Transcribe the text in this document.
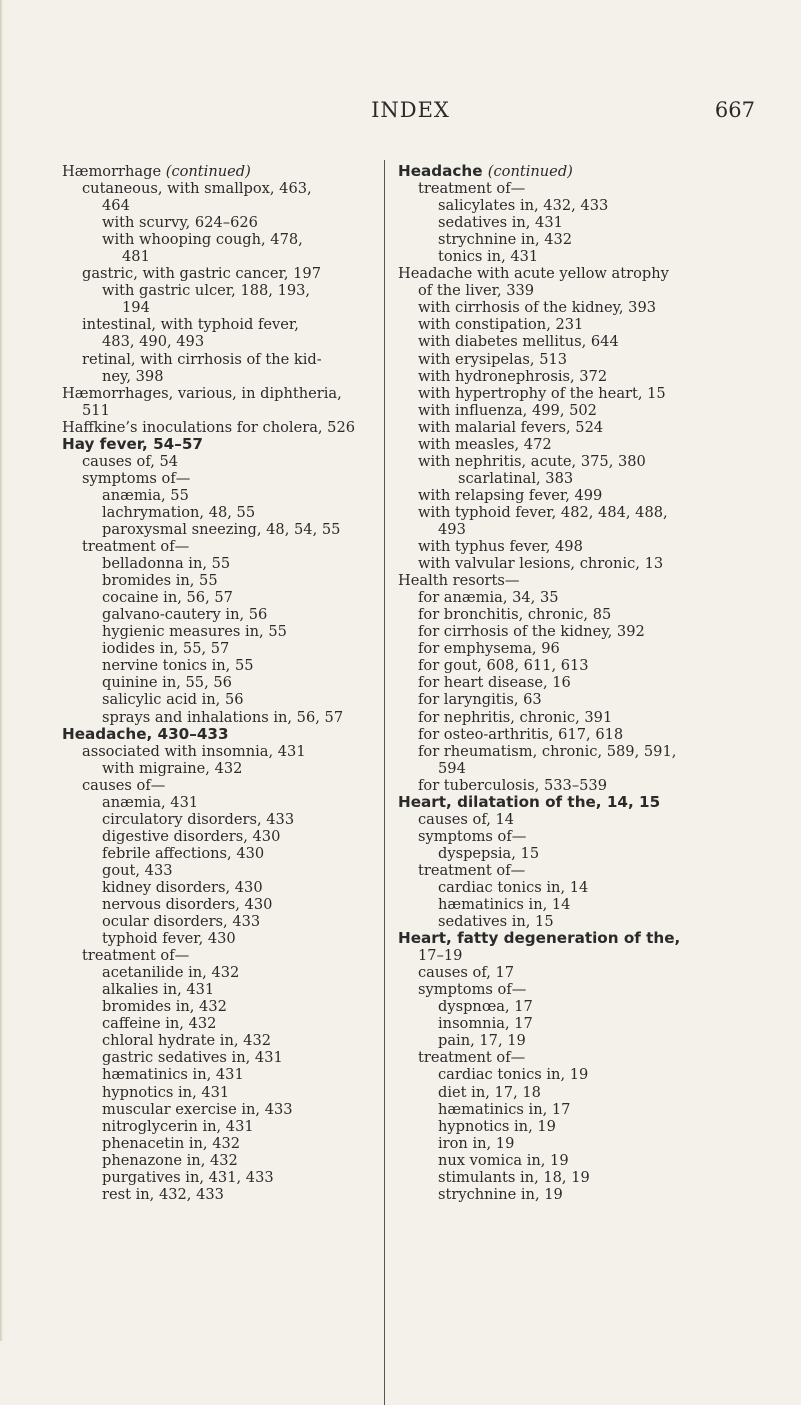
INDEX	667
Hæmorrhage (continued)
cutaneous, with smallpox, 463,
464
with scurvy, 624–626
with whooping cough, 478,
481
gastric, with gastric cancer, 197
with gastric ulcer, 188, 193,
194
intestinal, with typhoid fever,
483, 490, 493
retinal, with cirrhosis of the kid-
ney, 398
Hæmorrhages, various, in diphtheria,
511
Haffkine’s inoculations for cholera, 526
Hay fever, 54–57
causes of, 54
symptoms of—
anæmia, 55
lachrymation, 48, 55
paroxysmal sneezing, 48, 54, 55
treatment of—
belladonna in, 55
bromides in, 55
cocaine in, 56, 57
galvano-cautery in, 56
hygienic measures in, 55
iodides in, 55, 57
nervine tonics in, 55
quinine in, 55, 56
salicylic acid in, 56
sprays and inhalations in, 56, 57
Headache, 430–433
associated with insomnia, 431
with migraine, 432
causes of—
anæmia, 431
circulatory disorders, 433
digestive disorders, 430
febrile affections, 430
gout, 433
kidney disorders, 430
nervous disorders, 430
ocular disorders, 433
typhoid fever, 430
treatment of—
acetanilide in, 432
alkalies in, 431
bromides in, 432
caffeine in, 432
chloral hydrate in, 432
gastric sedatives in, 431
hæmatinics in, 431
hypnotics in, 431
muscular exercise in, 433
nitroglycerin in, 431
phenacetin in, 432
phenazone in, 432
purgatives in, 431, 433
rest in, 432, 433
Headache (continued)
treatment of—
salicylates in, 432, 433
sedatives in, 431
strychnine in, 432
tonics in, 431
Headache with acute yellow atrophy
of the liver, 339
with cirrhosis of the kidney, 393
with constipation, 231
with diabetes mellitus, 644
with erysipelas, 513
with hydronephrosis, 372
with hypertrophy of the heart, 15
with influenza, 499, 502
with malarial fevers, 524
with measles, 472
with nephritis, acute, 375, 380
scarlatinal, 383
with relapsing fever, 499
with typhoid fever, 482, 484, 488,
493
with typhus fever, 498
with valvular lesions, chronic, 13
Health resorts—
for anæmia, 34, 35
for bronchitis, chronic, 85
for cirrhosis of the kidney, 392
for emphysema, 96
for gout, 608, 611, 613
for heart disease, 16
for laryngitis, 63
for nephritis, chronic, 391
for osteo-arthritis, 617, 618
for rheumatism, chronic, 589, 591,
594
for tuberculosis, 533–539
Heart, dilatation of the, 14, 15
causes of, 14
symptoms of—
dyspepsia, 15
treatment of—
cardiac tonics in, 14
hæmatinics in, 14
sedatives in, 15
Heart, fatty degeneration of the,
17–19
causes of, 17
symptoms of—
dyspnœa, 17
insomnia, 17
pain, 17, 19
treatment of—
cardiac tonics in, 19
diet in, 17, 18
hæmatinics in, 17
hypnotics in, 19
iron in, 19
nux vomica in, 19
stimulants in, 18, 19
strychnine in, 19
